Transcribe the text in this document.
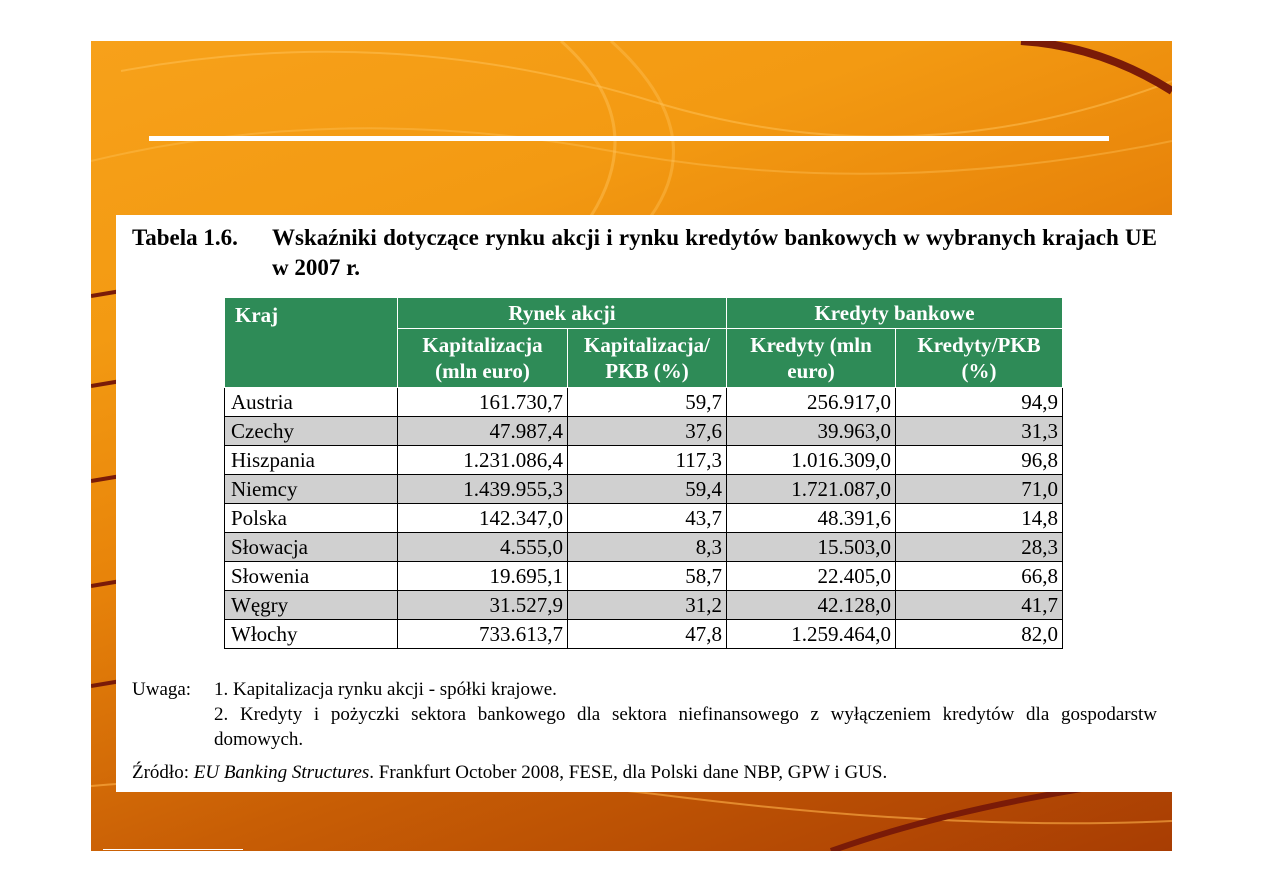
Tabela 1.6. Wskaźniki dotyczące rynku akcji i rynku kredytów bankowych w wybranych krajach UE w 2007 r.
Kraj	Rynek akcji		Kredyty bankowe	
	Kapitalizacja (mln euro)	Kapitalizacja/ PKB (%)	Kredyty (mln euro)	Kredyty/PKB (%)
Austria	161.730,7	59,7	256.917,0	94,9
Czechy	47.987,4	37,6	39.963,0	31,3
Hiszpania	1.231.086,4	117,3	1.016.309,0	96,8
Niemcy	1.439.955,3	59,4	1.721.087,0	71,0
Polska	142.347,0	43,7	48.391,6	14,8
Słowacja	4.555,0	8,3	15.503,0	28,3
Słowenia	19.695,1	58,7	22.405,0	66,8
Węgry	31.527,9	31,2	42.128,0	41,7
Włochy	733.613,7	47,8	1.259.464,0	82,0
Uwaga: 1. Kapitalizacja rynku akcji - spółki krajowe.
2. Kredyty i pożyczki sektora bankowego dla sektora niefinansowego z wyłączeniem kredytów dla gospodarstw domowych.
Źródło: EU Banking Structures. Frankfurt October 2008, FESE, dla Polski dane NBP, GPW i GUS.
